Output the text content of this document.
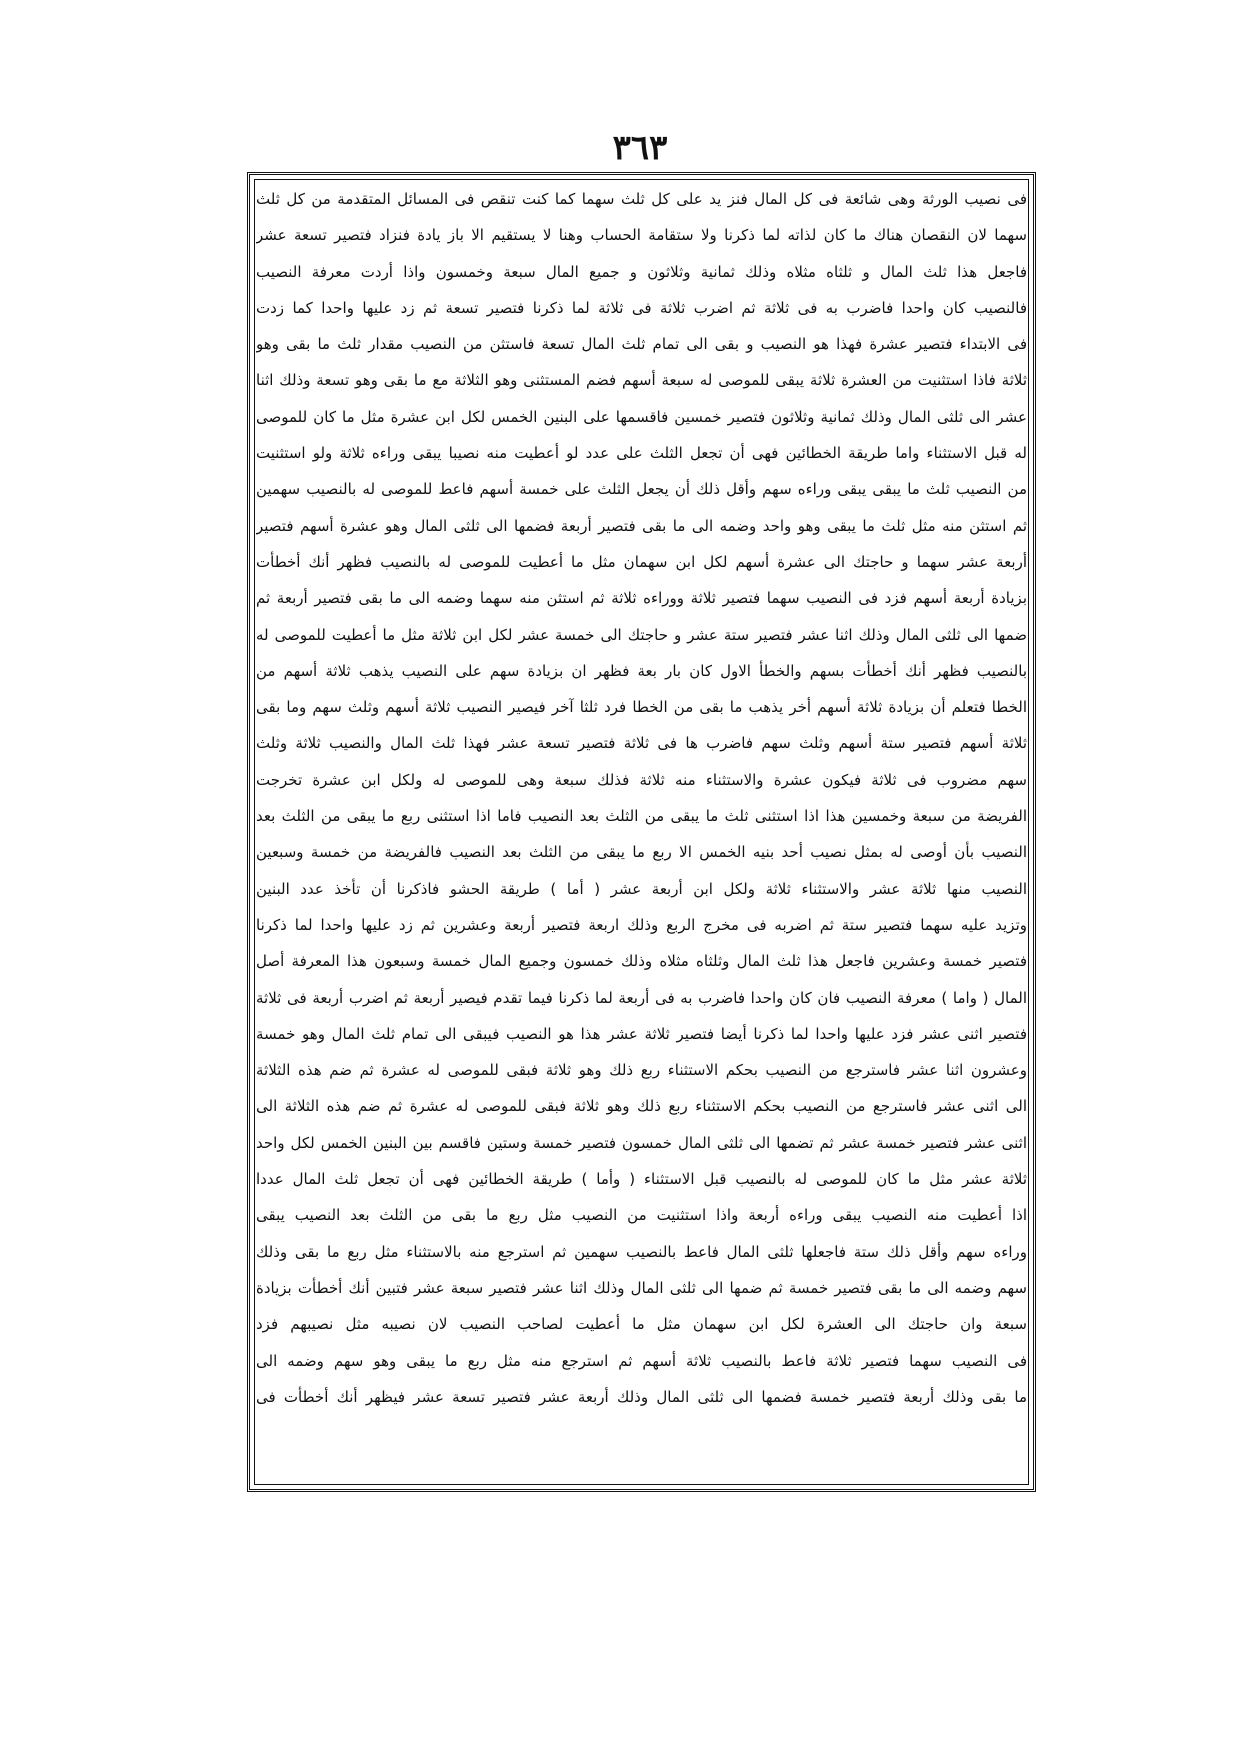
٣٦٣
فی نصیب الورثة وهی شائعة فی کل المال فنز ید علی کل ثلث سهما کما کنت تنقص فی المسائل المتقدمة من کل ثلث
سهما لان النقصان هناك ما کان لذاته لما ذکرنا ولا ستقامة الحساب وهنا لا یستقیم الا باز یادة فنزاد فتصیر تسعة عشر
فاجعل هذا ثلث المال و ثلثاه مثلاه وذلك ثمانیة وثلاثون و جمیع المال سبعة وخمسون واذا أردت معرفة النصیب
فالنصیب کان واحدا فاضرب به فی ثلاثة ثم اضرب ثلاثة فی ثلاثة لما ذکرنا فتصیر تسعة ثم زد علیها واحدا کما زدت
فی الابتداء فتصیر عشرة فهذا هو النصیب و بقی الی تمام ثلث المال تسعة فاستثن من النصیب مقدار ثلث ما بقی وهو
ثلاثة فاذا استثنیت من العشرة ثلاثة یبقی للموصی له سبعة أسهم فضم المستثنی وهو الثلاثة مع ما بقی وهو تسعة وذلك اثنا
عشر الی ثلثی المال وذلك ثمانیة وثلاثون فتصیر خمسین فاقسمها علی البنین الخمس لکل ابن عشرة مثل ما کان للموصی
له قبل الاستثناء واما طریقة الخطائین فهی أن تجعل الثلث علی عدد لو أعطیت منه نصیبا یبقی وراءه ثلاثة ولو استثنیت
من النصیب ثلث ما یبقی یبقی وراءه سهم وأقل ذلك أن یجعل الثلث علی خمسة أسهم فاعط للموصی له بالنصیب سهمین
ثم استثن منه مثل ثلث ما یبقی وهو واحد وضمه الی ما بقی فتصیر أربعة فضمها الی ثلثی المال وهو عشرة أسهم فتصیر
أربعة عشر سهما و حاجتك الی عشرة أسهم لکل ابن سهمان مثل ما أعطیت للموصی له بالنصیب فظهر أنك أخطأت
بزیادة أربعة أسهم فزد فی النصیب سهما فتصیر ثلاثة ووراءه ثلاثة ثم استثن منه سهما وضمه الی ما بقی فتصیر أربعة ثم
ضمها الی ثلثی المال وذلك اثنا عشر فتصیر ستة عشر و حاجتك الی خمسة عشر لکل ابن ثلاثة مثل ما أعطیت للموصی له
بالنصیب فظهر أنك أخطأت بسهم والخطأ الاول کان بار بعة فظهر ان بزیادة سهم علی النصیب یذهب ثلاثة أسهم من
الخطا فتعلم أن بزیادة ثلاثة أسهم أخر یذهب ما بقی من الخطا فرد ثلثا آخر فیصیر النصیب ثلاثة أسهم وثلث سهم وما بقی
ثلاثة أسهم فتصیر ستة أسهم وثلث سهم فاضرب ها فی ثلاثة فتصیر تسعة عشر فهذا ثلث المال والنصیب ثلاثة وثلث
سهم مضروب فی ثلاثة فیکون عشرة والاستثناء منه ثلاثة فذلك سبعة وهی للموصی له ولکل ابن عشرة تخرجت
الفریضة من سبعة وخمسین هذا اذا استثنی ثلث ما یبقی من الثلث بعد النصیب فاما اذا استثنی ربع ما یبقی من الثلث بعد
النصیب بأن أوصی له بمثل نصیب أحد بنیه الخمس الا ربع ما یبقی من الثلث بعد النصیب فالفریضة من خمسة وسبعین
النصیب منها ثلاثة عشر والاستثناء ثلاثة ولکل ابن أربعة عشر ( أما ) طریقة الحشو فاذکرنا أن تأخذ عدد البنین
وتزید علیه سهما فتصیر ستة ثم اضربه فی مخرج الربع وذلك اربعة فتصیر أربعة وعشرین ثم زد علیها واحدا لما ذکرنا
فتصیر خمسة وعشرین فاجعل هذا ثلث المال وثلثاه مثلاه وذلك خمسون وجمیع المال خمسة وسبعون هذا المعرفة أصل
المال ( واما ) معرفة النصیب فان کان واحدا فاضرب به فی أربعة لما ذکرنا فیما تقدم فیصیر أربعة ثم اضرب أربعة فی ثلاثة
فتصیر اثنی عشر فزد علیها واحدا لما ذکرنا أیضا فتصیر ثلاثة عشر هذا هو النصیب فیبقی الی تمام ثلث المال وهو خمسة
وعشرون اثنا عشر فاسترجع من النصیب بحکم الاستثناء ربع ذلك وهو ثلاثة فبقی للموصی له عشرة ثم ضم هذه الثلاثة
الی اثنی عشر فاسترجع من النصیب بحکم الاستثناء ربع ذلك وهو ثلاثة فبقی للموصی له عشرة ثم ضم هذه الثلاثة الی
اثنی عشر فتصیر خمسة عشر ثم تضمها الی ثلثی المال خمسون فتصیر خمسة وستین فاقسم بین البنین الخمس لکل واحد
ثلاثة عشر مثل ما کان للموصی له بالنصیب قبل الاستثناء ( وأما ) طریقة الخطائین فهی أن تجعل ثلث المال عددا
اذا أعطیت منه النصیب یبقی وراءه أربعة واذا استثنیت من النصیب مثل ربع ما بقی من الثلث بعد النصیب یبقی
وراءه سهم وأقل ذلك ستة فاجعلها ثلثی المال فاعط بالنصیب سهمین ثم استرجع منه بالاستثناء مثل ربع ما بقی وذلك
سهم وضمه الی ما بقی فتصیر خمسة ثم ضمها الی ثلثی المال وذلك اثنا عشر فتصیر سبعة عشر فتبین أنك أخطأت بزیادة
سبعة وان حاجتك الی العشرة لکل ابن سهمان مثل ما أعطیت لصاحب النصیب لان نصیبه مثل نصیبهم فزد
فی النصیب سهما فتصیر ثلاثة فاعط بالنصیب ثلاثة أسهم ثم استرجع منه مثل ربع ما یبقی وهو سهم وضمه الی
ما بقی وذلك أربعة فتصیر خمسة فضمها الی ثلثی المال وذلك أربعة عشر فتصیر تسعة عشر فیظهر أنك أخطأت فی
